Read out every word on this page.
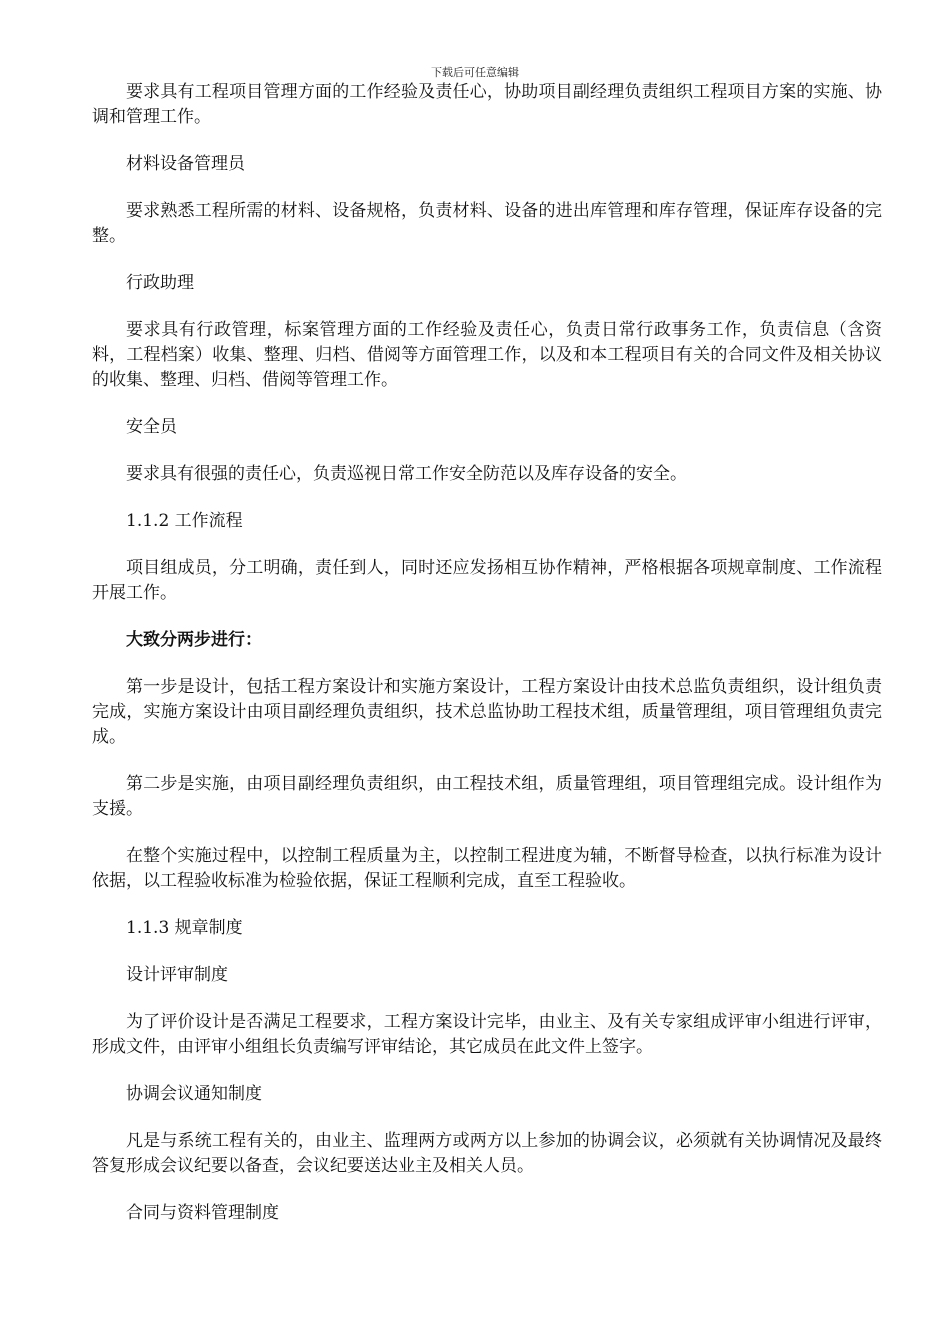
下载后可任意编辑

要求具有工程项目管理方面的工作经验及责任心，协助项目副经理负责组织工程项目方案的实施、协调和管理工作。

材料设备管理员

要求熟悉工程所需的材料、设备规格，负责材料、设备的进出库管理和库存管理，保证库存设备的完整。

行政助理

要求具有行政管理，标案管理方面的工作经验及责任心，负责日常行政事务工作，负责信息（含资料，工程档案）收集、整理、归档、借阅等方面管理工作，以及和本工程项目有关的合同文件及相关协议的收集、整理、归档、借阅等管理工作。

安全员

要求具有很强的责任心，负责巡视日常工作安全防范以及库存设备的安全。

1.1.2 工作流程

项目组成员，分工明确，责任到人，同时还应发扬相互协作精神，严格根据各项规章制度、工作流程开展工作。

大致分两步进行：

第一步是设计，包括工程方案设计和实施方案设计，工程方案设计由技术总监负责组织，设计组负责完成，实施方案设计由项目副经理负责组织，技术总监协助工程技术组，质量管理组，项目管理组负责完成。

第二步是实施，由项目副经理负责组织，由工程技术组，质量管理组，项目管理组完成。设计组作为支援。

在整个实施过程中，以控制工程质量为主，以控制工程进度为辅，不断督导检查，以执行标准为设计依据，以工程验收标准为检验依据，保证工程顺利完成，直至工程验收。

1.1.3 规章制度

设计评审制度

为了评价设计是否满足工程要求，工程方案设计完毕，由业主、及有关专家组成评审小组进行评审，形成文件，由评审小组组长负责编写评审结论，其它成员在此文件上签字。

协调会议通知制度

凡是与系统工程有关的，由业主、监理两方或两方以上参加的协调会议，必须就有关协调情况及最终答复形成会议纪要以备查，会议纪要送达业主及相关人员。

合同与资料管理制度
